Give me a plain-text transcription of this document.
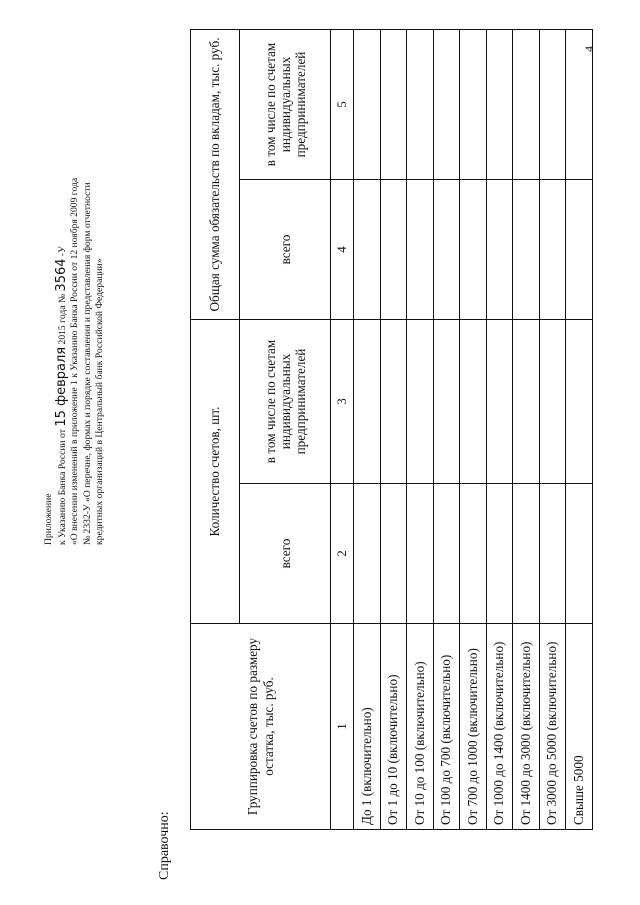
Приложение к Указанию Банка России от 15 февраля 2015 года № 3564 -У «О внесении изменений в приложение 1 к Указанию Банка России от 12 ноября 2009 года № 2332-У «О перечне, формах и порядке составления и представления форм отчетности кредитных организаций в Центральный банк Российской Федерации»
4
Справочно:
Группировка счетов по размеру остатка, тыс. руб.	Количество счетов, шт.		Общая сумма обязательств по вкладам, тыс. руб.	
	всего	в том числе по счетам индивидуальных предпринимателей	всего	в том числе по счетам индивидуальных предпринимателей
1	2	3	4	5
До 1 (включительно)				
От 1 до 10 (включительно)				
От 10 до 100 (включительно)				
От 100 до 700 (включительно)				
От 700 до 1000 (включительно)				
От 1000 до 1400 (включительно)				
От 1400 до 3000 (включительно)				
От 3000 до 5000 (включительно)				
Свыше 5000				
